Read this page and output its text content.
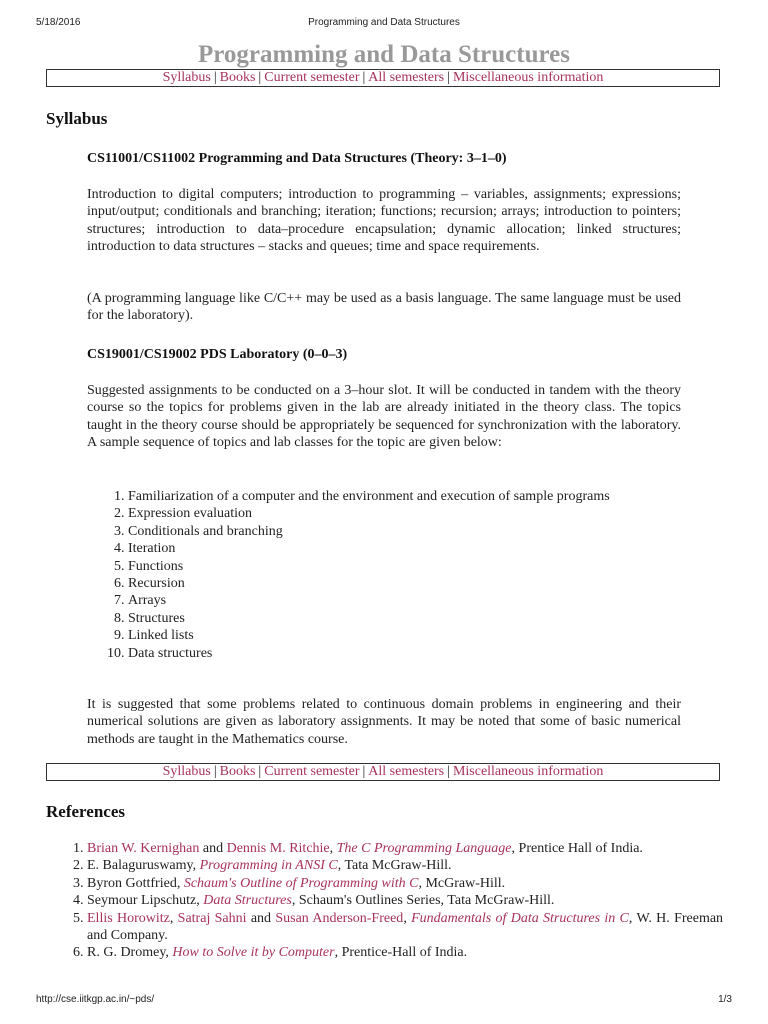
5/18/2016	Programming and Data Structures
Programming and Data Structures
Syllabus | Books | Current semester | All semesters | Miscellaneous information
Syllabus
CS11001/CS11002 Programming and Data Structures (Theory: 3–1–0)
Introduction to digital computers; introduction to programming – variables, assignments; expressions; input/output; conditionals and branching; iteration; functions; recursion; arrays; introduction to pointers; structures; introduction to data–procedure encapsulation; dynamic allocation; linked structures; introduction to data structures – stacks and queues; time and space requirements.
(A programming language like C/C++ may be used as a basis language. The same language must be used for the laboratory).
CS19001/CS19002 PDS Laboratory (0–0–3)
Suggested assignments to be conducted on a 3–hour slot. It will be conducted in tandem with the theory course so the topics for problems given in the lab are already initiated in the theory class. The topics taught in the theory course should be appropriately be sequenced for synchronization with the laboratory. A sample sequence of topics and lab classes for the topic are given below:
1. Familiarization of a computer and the environment and execution of sample programs
2. Expression evaluation
3. Conditionals and branching
4. Iteration
5. Functions
6. Recursion
7. Arrays
8. Structures
9. Linked lists
10. Data structures
It is suggested that some problems related to continuous domain problems in engineering and their numerical solutions are given as laboratory assignments. It may be noted that some of basic numerical methods are taught in the Mathematics course.
Syllabus | Books | Current semester | All semesters | Miscellaneous information
References
1. Brian W. Kernighan and Dennis M. Ritchie, The C Programming Language, Prentice Hall of India.
2. E. Balaguruswamy, Programming in ANSI C, Tata McGraw-Hill.
3. Byron Gottfried, Schaum's Outline of Programming with C, McGraw-Hill.
4. Seymour Lipschutz, Data Structures, Schaum's Outlines Series, Tata McGraw-Hill.
5. Ellis Horowitz, Satraj Sahni and Susan Anderson-Freed, Fundamentals of Data Structures in C, W. H. Freeman and Company.
6. R. G. Dromey, How to Solve it by Computer, Prentice-Hall of India.
http://cse.iitkgp.ac.in/~pds/	1/3
